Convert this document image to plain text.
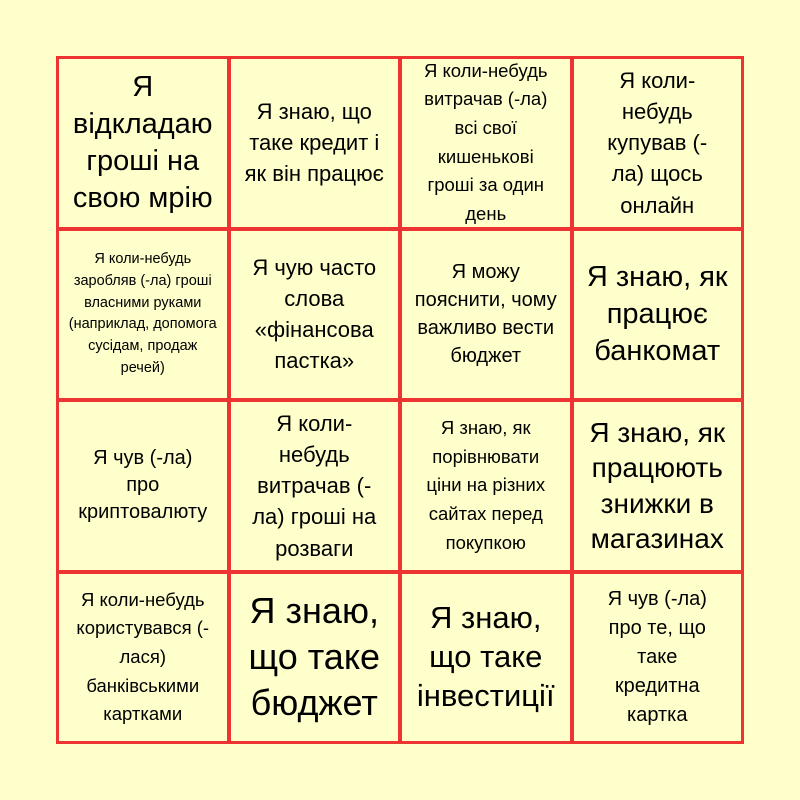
Я відкладаю гроші на свою мрію
Я знаю, що таке кредит і як він працює
Я коли-небудь витрачав (-ла) всі свої кишенькові гроші за один день
Я коли-небудь купував (-ла) щось онлайн
Я коли-небудь заробляв (-ла) гроші власними руками (наприклад, допомога сусідам, продаж речей)
Я чую часто слова «фінансова пастка»
Я можу пояснити, чому важливо вести бюджет
Я знаю, як працює банкомат
Я чув (-ла) про криптовалюту
Я коли-небудь витрачав (-ла) гроші на розваги
Я знаю, як порівнювати ціни на різних сайтах перед покупкою
Я знаю, як працюють знижки в магазинах
Я коли-небудь користувався (-лася) банківськими картками
Я знаю, що таке бюджет
Я знаю, що таке інвестиції
Я чув (-ла) про те, що таке кредитна картка
